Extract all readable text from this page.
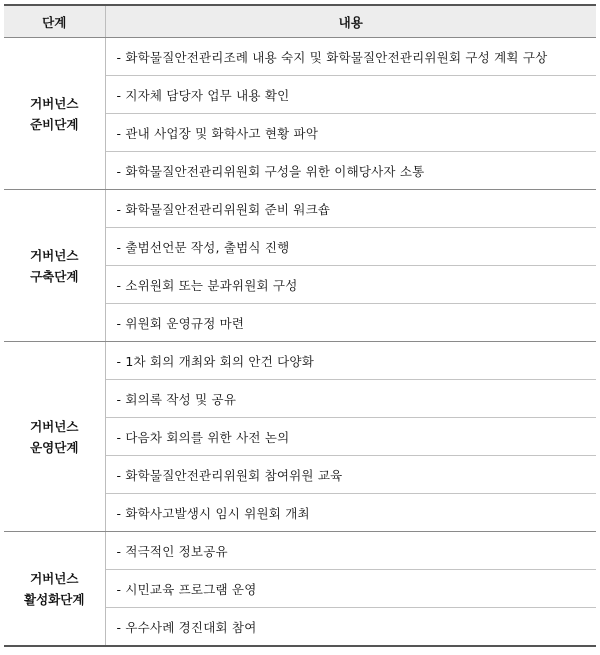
단계	내용
거버넌스
준비단계	- 화학물질안전관리조례 내용 숙지 및 화학물질안전관리위원회 구성 계획 구상
	- 지자체 담당자 업무 내용 확인
	- 관내 사업장 및 화학사고 현황 파악
	- 화학물질안전관리위원회 구성을 위한 이해당사자 소통
거버넌스
구축단계	- 화학물질안전관리위원회 준비 워크숍
	- 출범선언문 작성, 출범식 진행
	- 소위원회 또는 분과위원회 구성
	- 위원회 운영규정 마련
거버넌스
운영단계	- 1차 회의 개최와 회의 안건 다양화
	- 회의록 작성 및 공유
	- 다음차 회의를 위한 사전 논의
	- 화학물질안전관리위원회 참여위원 교육
	- 화학사고발생시 임시 위원회 개최
거버넌스
활성화단계	- 적극적인 정보공유
	- 시민교육 프로그램 운영
	- 우수사례 경진대회 참여
